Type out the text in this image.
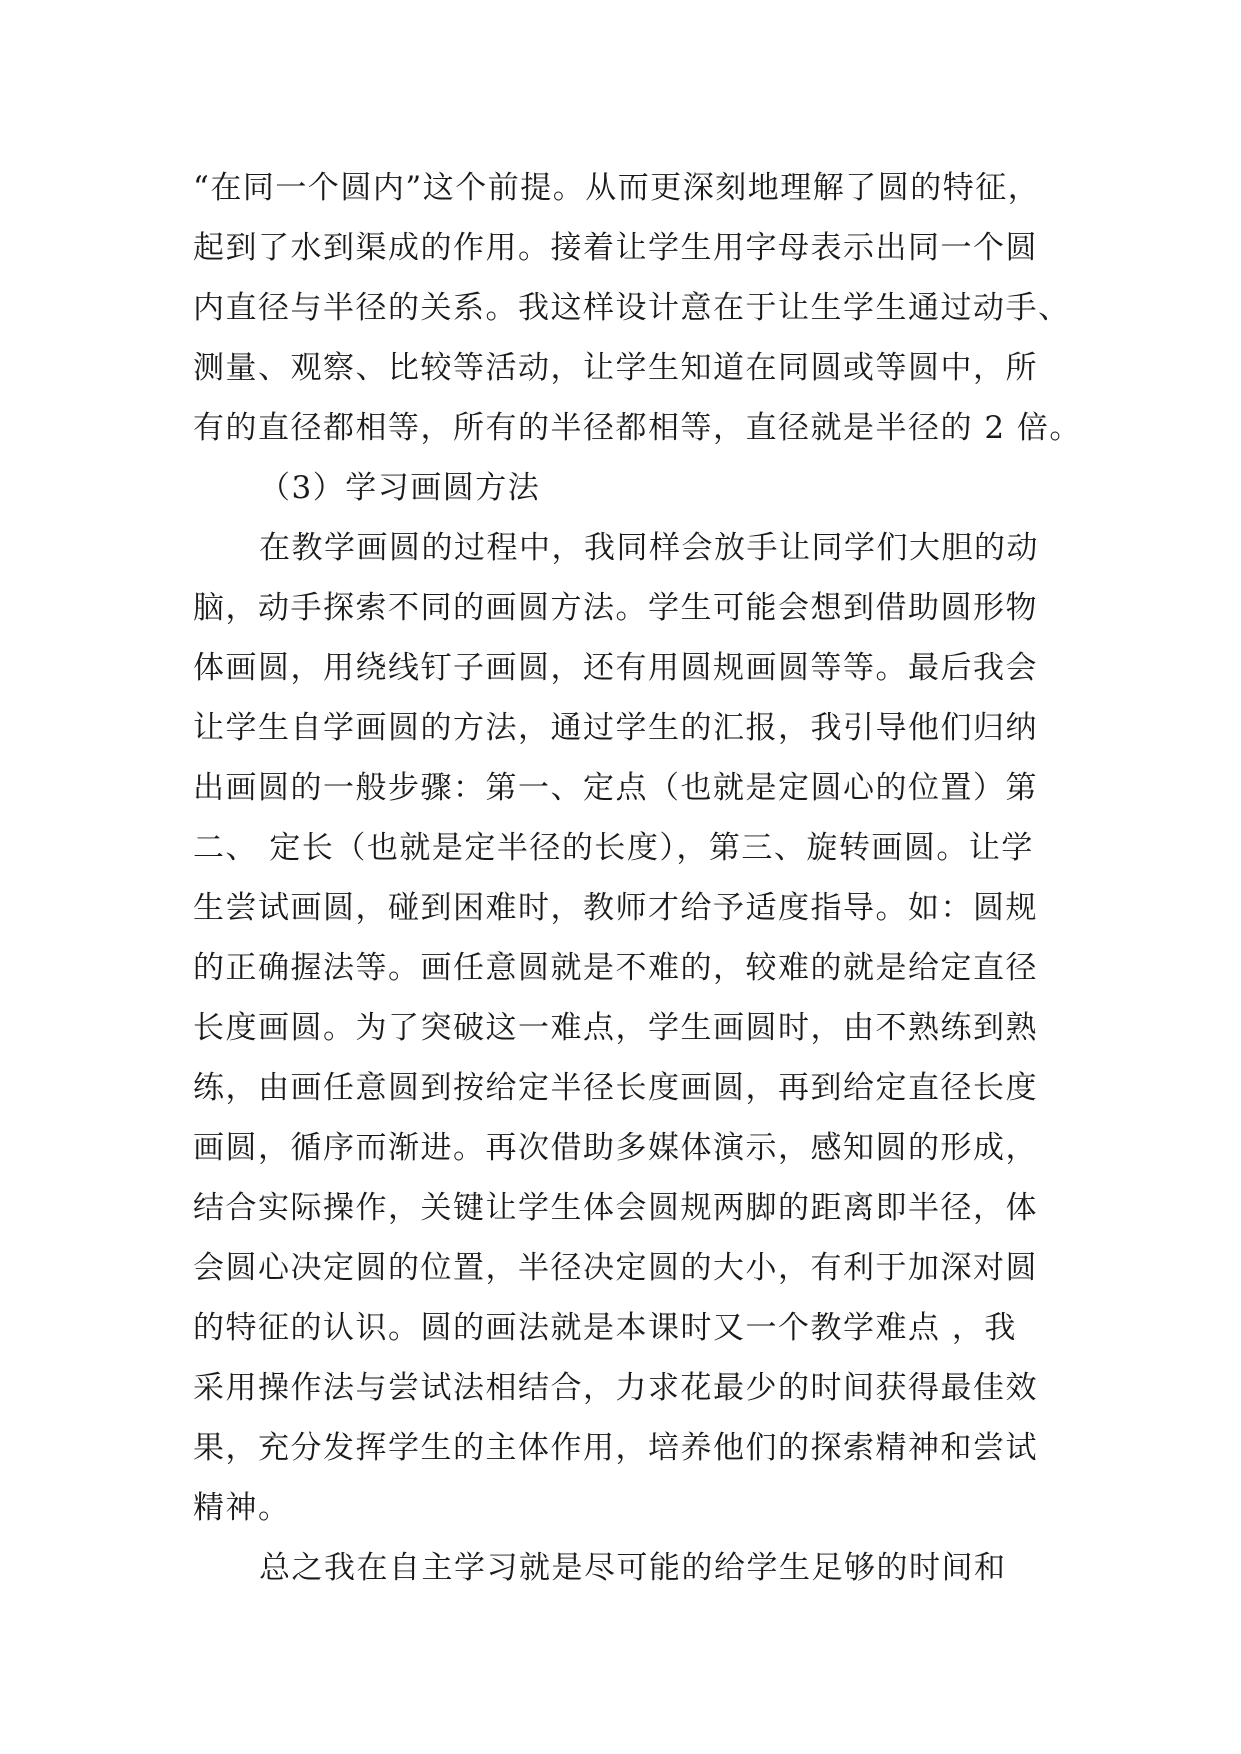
“在同一个圆内”这个前提。从而更深刻地理解了圆的特征，
起到了水到渠成的作用。接着让学生用字母表示出同一个圆
内直径与半径的关系。我这样设计意在于让生学生通过动手、
测量、观察、比较等活动，让学生知道在同圆或等圆中，所
有的直径都相等，所有的半径都相等，直径就是半径的 2 倍。
（3）学习画圆方法
在教学画圆的过程中，我同样会放手让同学们大胆的动
脑，动手探索不同的画圆方法。学生可能会想到借助圆形物
体画圆，用绕线钉子画圆，还有用圆规画圆等等。最后我会
让学生自学画圆的方法，通过学生的汇报，我引导他们归纳
出画圆的一般步骤：第一、定点（也就是定圆心的位置）第
二、 定长（也就是定半径的长度），第三、旋转画圆。让学
生尝试画圆，碰到困难时，教师才给予适度指导。如：圆规
的正确握法等。画任意圆就是不难的，较难的就是给定直径
长度画圆。为了突破这一难点，学生画圆时，由不熟练到熟
练，由画任意圆到按给定半径长度画圆，再到给定直径长度
画圆，循序而渐进。再次借助多媒体演示，感知圆的形成，
结合实际操作，关键让学生体会圆规两脚的距离即半径，体
会圆心决定圆的位置，半径决定圆的大小，有利于加深对圆
的特征的认识。圆的画法就是本课时又一个教学难点 ，我
采用操作法与尝试法相结合，力求花最少的时间获得最佳效
果，充分发挥学生的主体作用，培养他们的探索精神和尝试
精神。
总之我在自主学习就是尽可能的给学生足够的时间和
